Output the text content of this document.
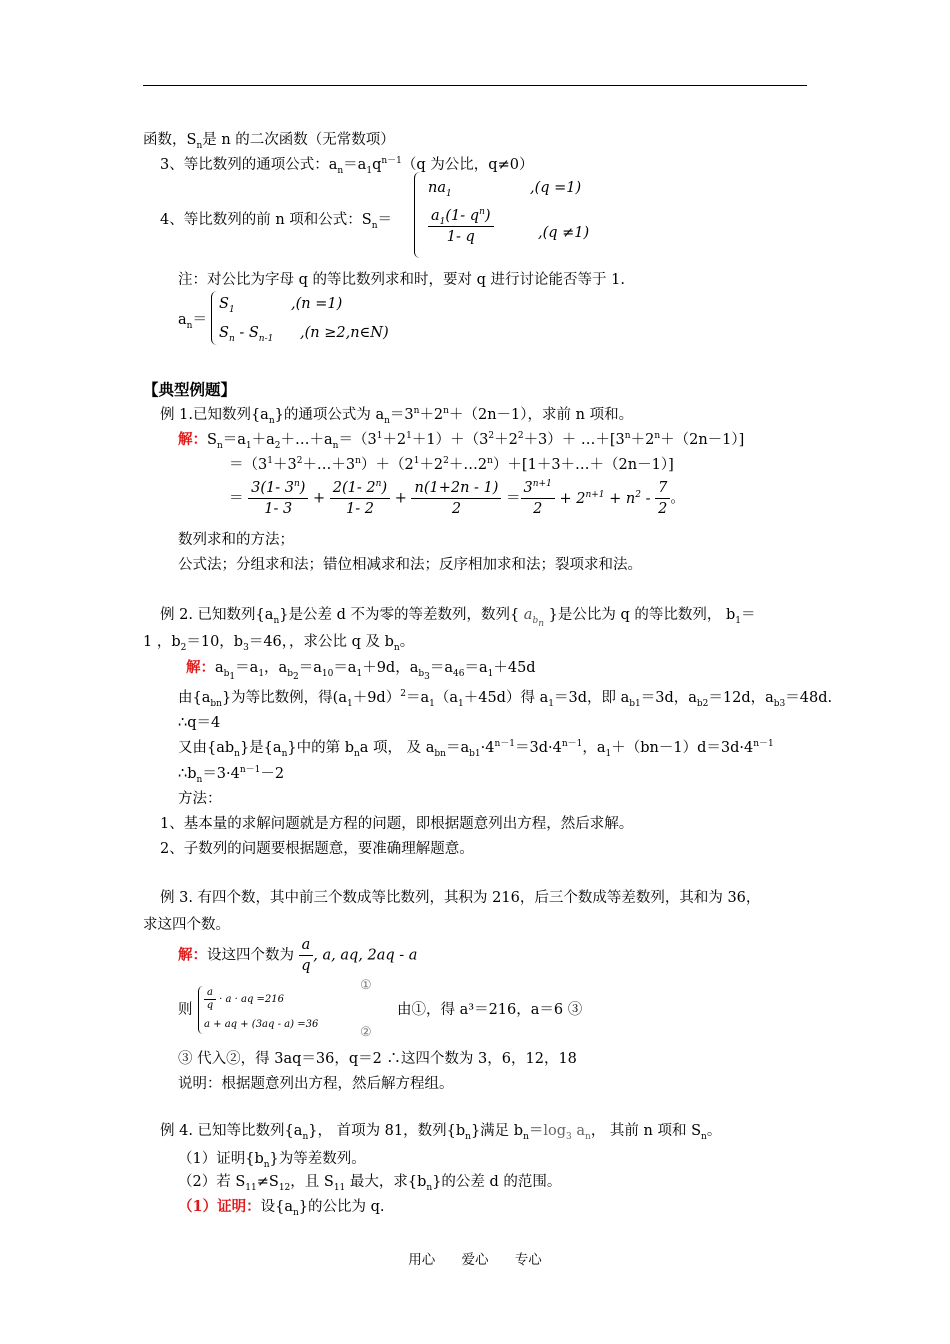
函数，$S_n$是 n 的二次函数（无常数项）
3、等比数列的通项公式：$a_n=a_1q^{n-1}(q$ 为公比，q≠0）
4、等比数列的前 n 项和公式：$S_n=$
$na_1$	,(q =1)
$\frac{a_1(1- q^n)}{1- q}$	,(q ≠1)
注：对公比为字母 q 的等比数列求和时，要对 q 进行讨论能否等于 1.
$a_n=$
$S_1$	,(n =1)
$S_n - S_{n-1}$ ,(n ≥2,n∈N)
【典型例题】
例 1.已知数列$\{a_n\}$的通项公式为 $a_n=3^n+2^n+(2n-1)$，求前 n 项和。
解：$S_n=a_1+a_2+\dots+a_n=(3^1+2^1+1)+(3^2+2^2+3)+$ $\dots+[3^n+2^n+(2n-1)]$
$=(3^1+3^2+\dots+3^n)+(2^1+2^2+\dots 2^n)+[1+3+\dots+(2n-1)]$
＝ $\frac{3(1- 3^n)}{1- 3} + \frac{2(1- 2^n)}{1- 2} + \frac{n(1+2n - 1)}{2} = \frac{3^{n+1}}{2} + 2^{n+1} + n^2 - \frac{7}{2}$ 。
数列求和的方法；
公式法；分组求和法；错位相减求和法；反序相加求和法；裂项求和法。
例 2. 已知数列$\{a_n\}$是公差 d 不为零的等差数列，数列{ $a_{b_n}$ }是公比为 q 的等比数列， $b_1=$
1 ，$b_2=10$，$b_3=46$，，求公比 q 及 $b_n$。
解：$a_{b_1}=a_1$，$a_{b_2}=a_{10}=a_1+9d$，$a_{b_3}=a_{46}=a_1+45d$
由$\{a_{bn}\}$为等比数例，得$(a_1+9d)^2=a_1(a_1+45d)$得 $a_1=3d$，即 $a_{b1}=3d$，$a_{b2}=12d$，$a_{b3}=48d$.
∴q＝4
又由$\{ab_n\}$是$\{a_n\}$中的第 $b_na$ 项， 及 $a_{bn}=a_{b1}\cdot 4^{n-1}=3d\cdot 4^{n-1}$，$a_1+(bn-1)d=3d\cdot 4^{n-1}$
$\therefore b_n=3\cdot 4^{n-1}-2$
方法：
1、基本量的求解问题就是方程的问题，即根据题意列出方程，然后求解。
2、子数列的问题要根据题意，要准确理解题意。
例 3. 有四个数，其中前三个数成等比数列，其积为 216，后三个数成等差数列，其和为 36，
求这四个数。
解：设这四个数为 $\frac{a}{q}$ , a, aq, 2aq - a
则 $\frac{a}{q} \cdot a$ · aq =216
a + aq + (3aq - a) =36
①
②
由①，得 a³＝216，a＝6 ③
③ 代入②，得 3aq＝36，q＝2 ∴这四个数为 3，6，12，18
说明：根据题意列出方程，然后解方程组。
例 4. 已知等比数列$\{a_n\}$， 首项为 81，数列$\{b_n\}$满足 $b_n=\log_3$ $a_n$， 其前 n 项和 $S_n$。
（1）证明$\{b_n\}$为等差数列。
（2）若 $S_{11}\ne S_{12}$，且 $S_{11}$ 最大，求$\{b_n\}$的公差 d 的范围。
（1）证明：设$\{a_n\}$的公比为 q.
用心 爱心 专心
